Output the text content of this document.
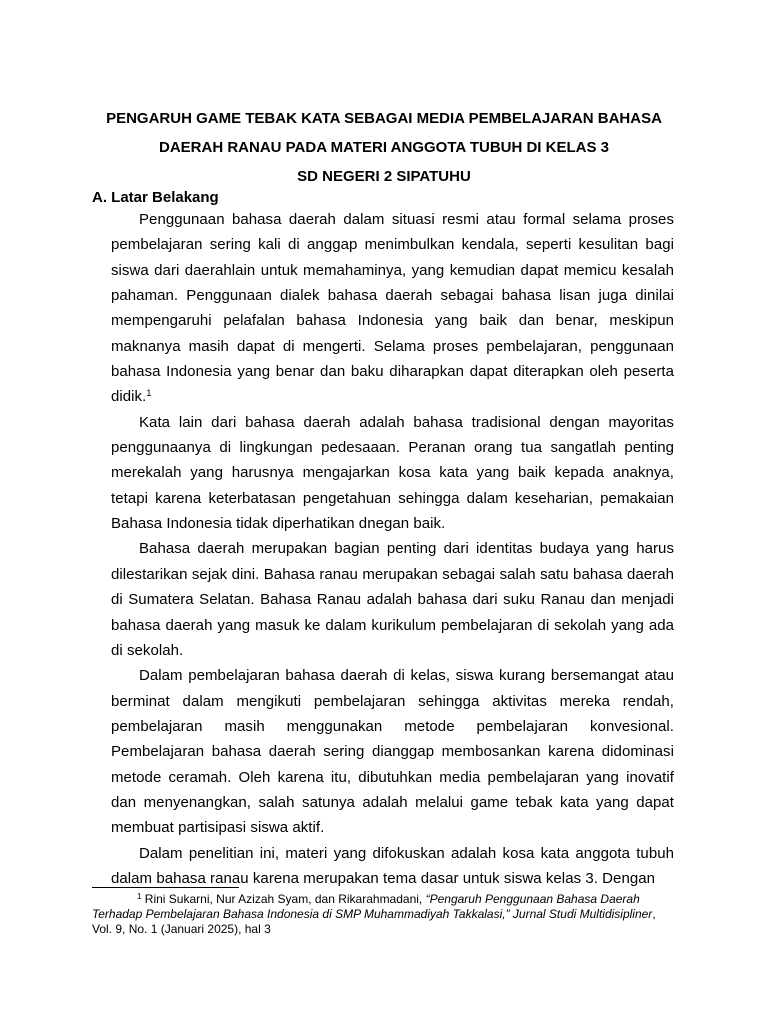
PENGARUH GAME TEBAK KATA SEBAGAI MEDIA PEMBELAJARAN BAHASA
DAERAH RANAU PADA MATERI ANGGOTA TUBUH DI KELAS 3
SD NEGERI 2 SIPATUHU
A. Latar Belakang

Penggunaan bahasa daerah dalam situasi resmi atau formal selama proses pembelajaran sering kali di anggap menimbulkan kendala, seperti kesulitan bagi siswa dari daerahlain untuk memahaminya, yang kemudian dapat memicu kesalah pahaman. Penggunaan dialek bahasa daerah sebagai bahasa lisan juga dinilai mempengaruhi pelafalan bahasa Indonesia yang baik dan benar, meskipun maknanya masih dapat di mengerti. Selama proses pembelajaran, penggunaan bahasa Indonesia yang benar dan baku diharapkan dapat diterapkan oleh peserta didik.$^1$

Kata lain dari bahasa daerah adalah bahasa tradisional dengan mayoritas penggunaanya di lingkungan pedesaaan. Peranan orang tua sangatlah penting merekalah yang harusnya mengajarkan kosa kata yang baik kepada anaknya, tetapi karena keterbatasan pengetahuan sehingga dalam keseharian, pemakaian Bahasa Indonesia tidak diperhatikan dnegan baik.

Bahasa daerah merupakan bagian penting dari identitas budaya yang harus dilestarikan sejak dini. Bahasa ranau merupakan sebagai salah satu bahasa daerah di Sumatera Selatan. Bahasa Ranau adalah bahasa dari suku Ranau dan menjadi bahasa daerah yang masuk ke dalam kurikulum pembelajaran di sekolah yang ada di sekolah.

Dalam pembelajaran bahasa daerah di kelas, siswa kurang bersemangat atau berminat dalam mengikuti pembelajaran sehingga aktivitas mereka rendah, pembelajaran masih menggunakan metode pembelajaran konvesional. Pembelajaran bahasa daerah sering dianggap membosankan karena didominasi metode ceramah. Oleh karena itu, dibutuhkan media pembelajaran yang inovatif dan menyenangkan, salah satunya adalah melalui game tebak kata yang dapat membuat partisipasi siswa aktif.

Dalam penelitian ini, materi yang difokuskan adalah kosa kata anggota tubuh dalam bahasa ranau karena merupakan tema dasar untuk siswa kelas 3. Dengan

$^1$ Rini Sukarni, Nur Azizah Syam, dan Rikarahmadani, “Pengaruh Penggunaan Bahasa Daerah Terhadap Pembelajaran Bahasa Indonesia di SMP Muhammadiyah Takkalasi,” Jurnal Studi Multidisipliner, Vol. 9, No. 1 (Januari 2025), hal 3
